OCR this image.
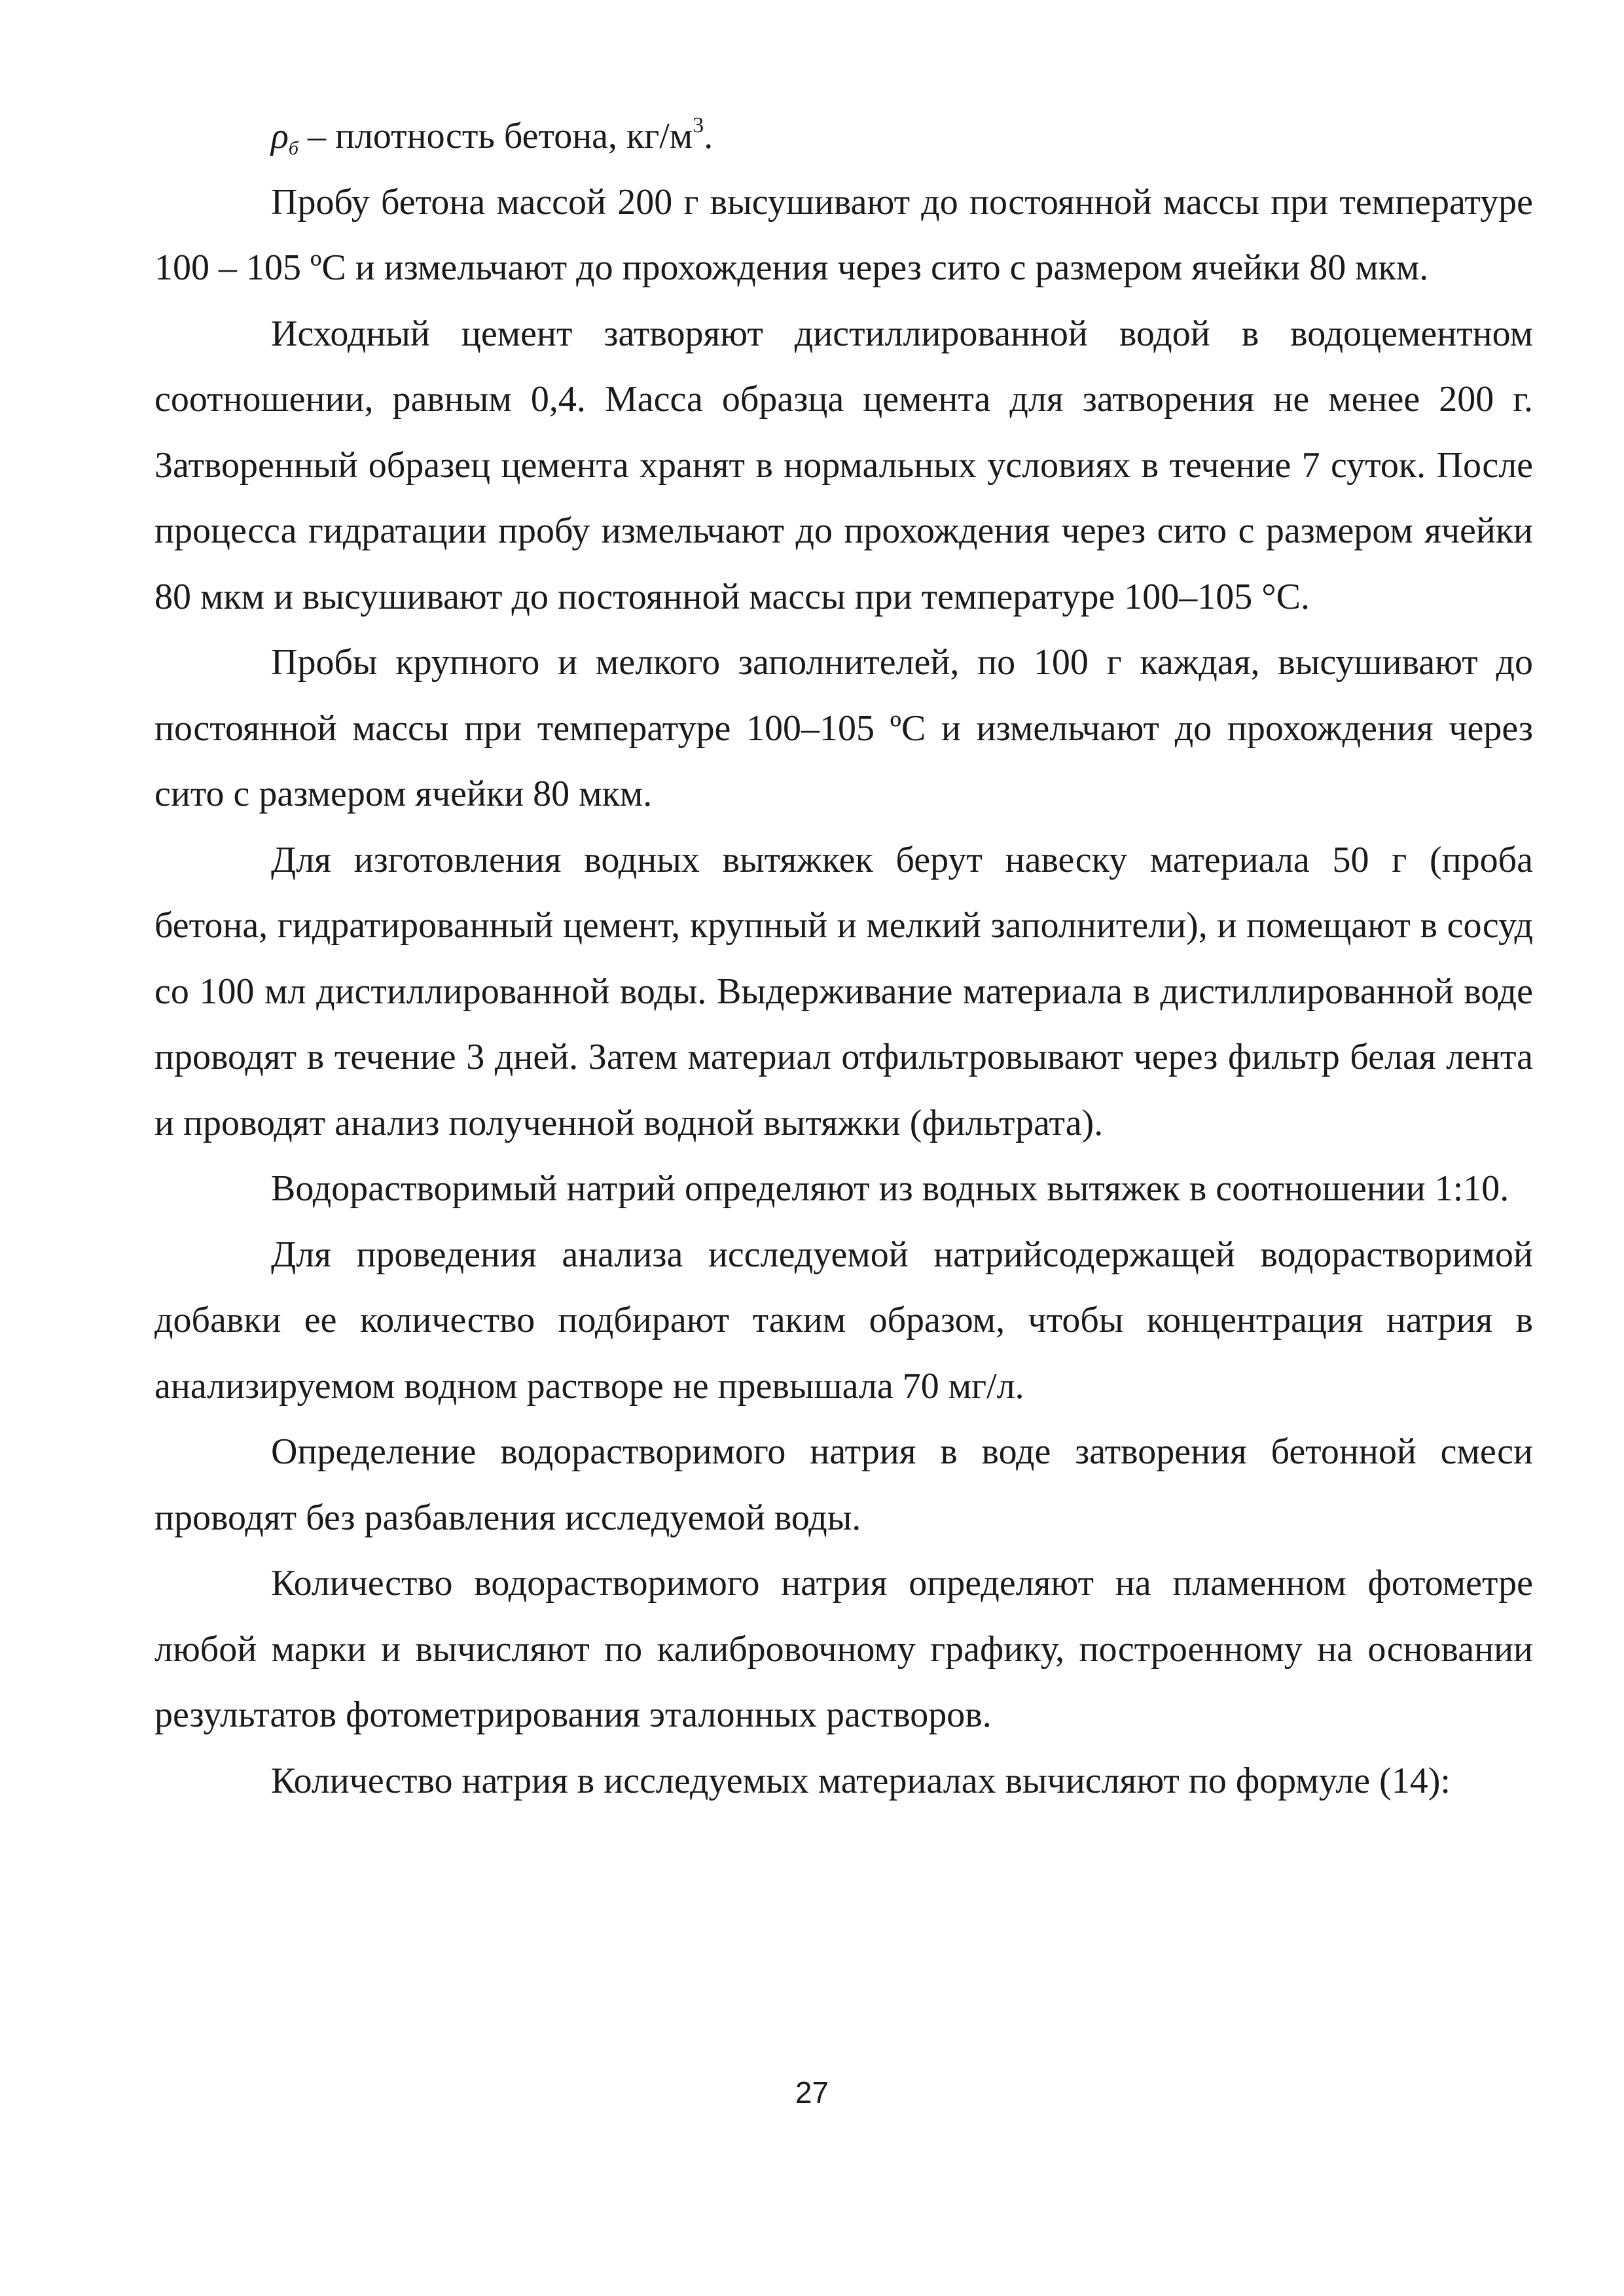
ρб – плотность бетона, $кг/м^3$.

Пробу бетона массой 200 г высушивают до постоянной массы при температуре 100 – 105 ºС и измельчают до прохождения через сито с размером ячейки 80 мкм.

Исходный цемент затворяют дистиллированной водой в водоцементном соотношении, равным 0,4. Масса образца цемента для затворения не менее 200 г. Затворенный образец цемента хранят в нормальных условиях в течение 7 суток. После процесса гидратации пробу измельчают до прохождения через сито с размером ячейки 80 мкм и высушивают до постоянной массы при температуре 100–105 °С.

Пробы крупного и мелкого заполнителей, по 100 г каждая, высушивают до постоянной массы при температуре 100–105 ºС и измельчают до прохождения через сито с размером ячейки 80 мкм.

Для изготовления водных вытяжкек берут навеску материала 50 г (проба бетона, гидратированный цемент, крупный и мелкий заполнители), и помещают в сосуд со 100 мл дистиллированной воды. Выдерживание материала в дистиллированной воде проводят в течение 3 дней. Затем материал отфильтровывают через фильтр белая лента и проводят анализ полученной водной вытяжки (фильтрата).

Водорастворимый натрий определяют из водных вытяжек в соотношении 1:10.

Для проведения анализа исследуемой натрийсодержащей водорастворимой добавки ее количество подбирают таким образом, чтобы концентрация натрия в анализируемом водном растворе не превышала 70 мг/л.

Определение водорастворимого натрия в воде затворения бетонной смеси проводят без разбавления исследуемой воды.

Количество водорастворимого натрия определяют на пламенном фотометре любой марки и вычисляют по калибровочному графику, построенному на основании результатов фотометрирования эталонных растворов.

Количество натрия в исследуемых материалах вычисляют по формуле (14):

27
